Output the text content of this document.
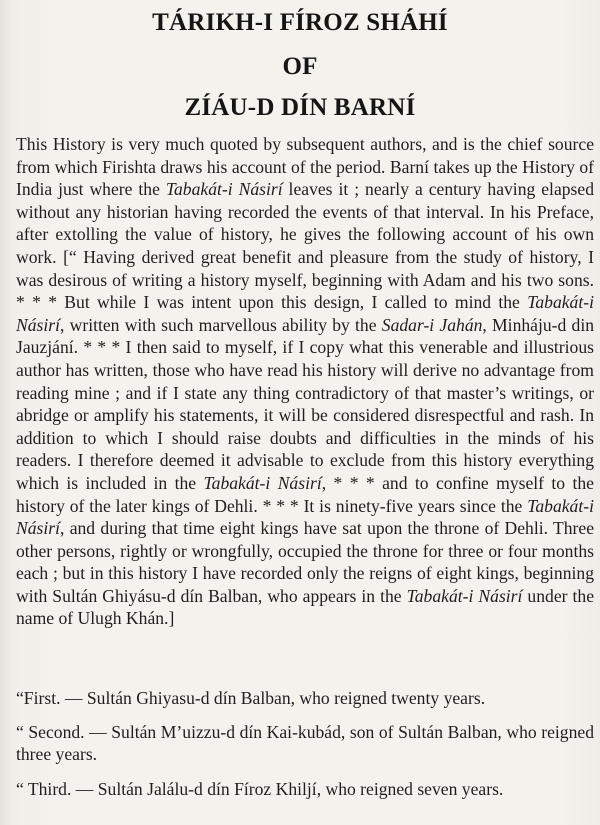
TÁRIKH-I FÍROZ SHÁHÍ
OF
ZÍÁU-D DÍN BARNÍ

This History is very much quoted by subsequent authors, and is the chief source from which Firishta draws his account of the period. Barní takes up the History of India just where the Tabakát-i Násirí leaves it ; nearly a century having elapsed without any historian having recorded the events of that interval. In his Preface, after extolling the value of history, he gives the following account of his own work. [“ Having derived great benefit and pleasure from the study of history, I was desirous of writing a history myself, beginning with Adam and his two sons. * * * But while I was intent upon this design, I called to mind the Tabakát-i Násirí, written with such marvellous ability by the Sadar-i Jahán, Minháju-d din Jauzjání. * * * I then said to myself, if I copy what this venerable and illustrious author has written, those who have read his history will derive no advantage from reading mine ; and if I state any thing contradictory of that master’s writings, or abridge or amplify his statements, it will be considered disrespectful and rash. In addition to which I should raise doubts and difficulties in the minds of his readers. I therefore deemed it advisable to exclude from this history everything which is included in the Tabakát-i Násirí, * * * and to confine myself to the history of the later kings of Dehli. * * * It is ninety-five years since the Tabakát-i Násirí, and during that time eight kings have sat upon the throne of Dehli. Three other persons, rightly or wrongfully, occupied the throne for three or four months each ; but in this history I have recorded only the reigns of eight kings, beginning with Sultán Ghiyásu-d dín Balban, who appears in the Tabakát-i Násirí under the name of Ulugh Khán.]

“First. — Sultán Ghiyasu-d dín Balban, who reigned twenty years.

“ Second. — Sultán M’uizzu-d dín Kai-kubád, son of Sultán Balban, who reigned three years.

“ Third. — Sultán Jalálu-d dín Fíroz Khiljí, who reigned seven years.
